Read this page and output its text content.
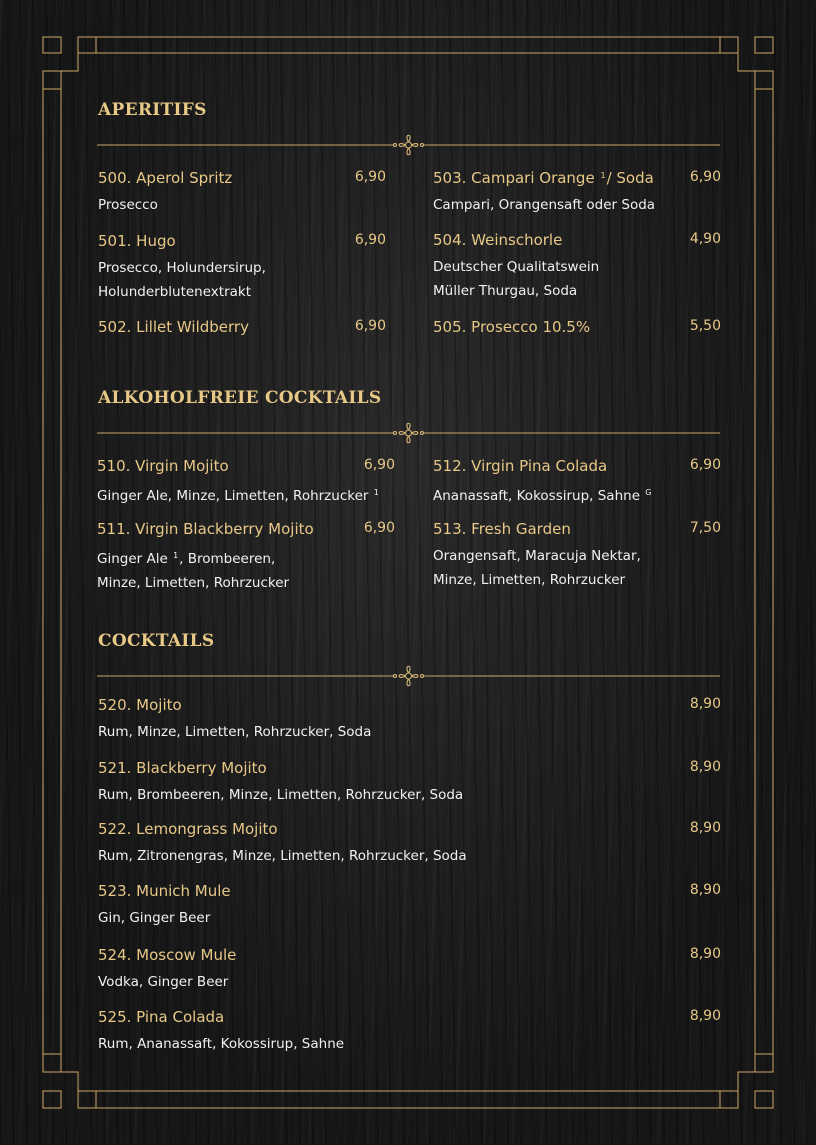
APERITIFS
500. Aperol Spritz	6,90
Prosecco
501. Hugo	6,90
Prosecco, Holundersirup,
Holunderblutenextrakt
502. Lillet Wildberry	6,90
503. Campari Orange $^1$/ Soda	6,90
Campari, Orangensaft oder Soda
504. Weinschorle	4,90
Deutscher Qualitatswein
Müller Thurgau, Soda
505. Prosecco 10.5%	5,50
ALKOHOLFREIE COCKTAILS
510. Virgin Mojito	6,90
Ginger Ale, Minze, Limetten, Rohrzucker $^1$
511. Virgin Blackberry Mojito	6,90
Ginger Ale $^1$, Brombeeren,
Minze, Limetten, Rohrzucker
512. Virgin Pina Colada	6,90
Ananassaft, Kokossirup, Sahne $^G$
513. Fresh Garden	7,50
Orangensaft, Maracuja Nektar,
Minze, Limetten, Rohrzucker
COCKTAILS
520. Mojito	8,90
Rum, Minze, Limetten, Rohrzucker, Soda
521. Blackberry Mojito	8,90
Rum, Brombeeren, Minze, Limetten, Rohrzucker, Soda
522. Lemongrass Mojito	8,90
Rum, Zitronengras, Minze, Limetten, Rohrzucker, Soda
523. Munich Mule	8,90
Gin, Ginger Beer
524. Moscow Mule	8,90
Vodka, Ginger Beer
525. Pina Colada	8,90
Rum, Ananassaft, Kokossirup, Sahne
